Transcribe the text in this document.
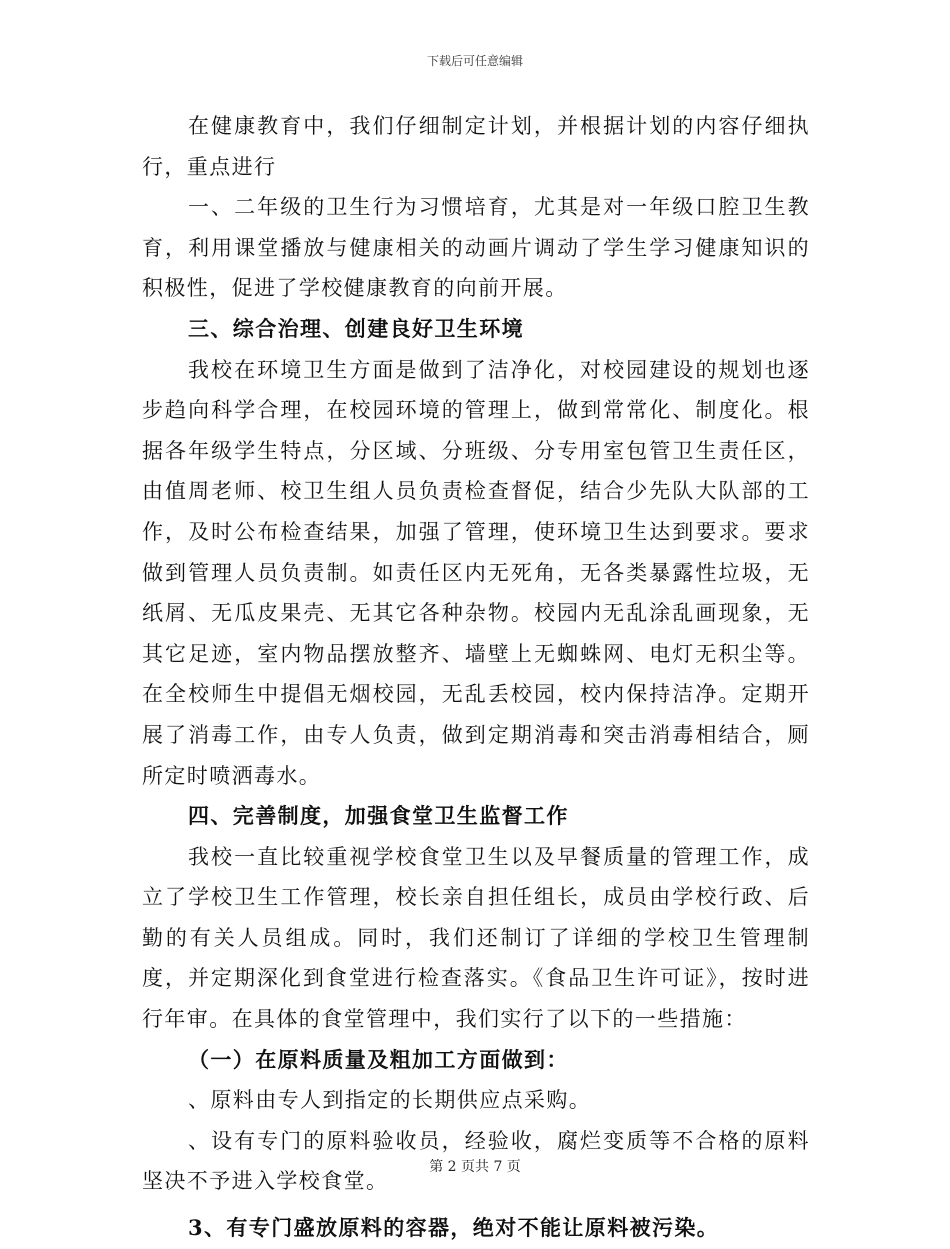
下载后可任意编辑

在健康教育中，我们仔细制定计划，并根据计划的内容仔细执行，重点进行

一、二年级的卫生行为习惯培育，尤其是对一年级口腔卫生教育，利用课堂播放与健康相关的动画片调动了学生学习健康知识的积极性，促进了学校健康教育的向前开展。

三、综合治理、创建良好卫生环境

我校在环境卫生方面是做到了洁净化，对校园建设的规划也逐步趋向科学合理，在校园环境的管理上，做到常常化、制度化。根据各年级学生特点，分区域、分班级、分专用室包管卫生责任区，由值周老师、校卫生组人员负责检查督促，结合少先队大队部的工作，及时公布检查结果，加强了管理，使环境卫生达到要求。要求做到管理人员负责制。如责任区内无死角，无各类暴露性垃圾，无纸屑、无瓜皮果壳、无其它各种杂物。校园内无乱涂乱画现象，无其它足迹，室内物品摆放整齐、墙壁上无蜘蛛网、电灯无积尘等。在全校师生中提倡无烟校园，无乱丢校园，校内保持洁净。定期开展了消毒工作，由专人负责，做到定期消毒和突击消毒相结合，厕所定时喷洒毒水。

四、完善制度，加强食堂卫生监督工作

我校一直比较重视学校食堂卫生以及早餐质量的管理工作，成立了学校卫生工作管理，校长亲自担任组长，成员由学校行政、后勤的有关人员组成。同时，我们还制订了详细的学校卫生管理制度，并定期深化到食堂进行检查落实。《食品卫生许可证》，按时进行年审。在具体的食堂管理中，我们实行了以下的一些措施：

（一）在原料质量及粗加工方面做到：

、原料由专人到指定的长期供应点采购。

、设有专门的原料验收员，经验收，腐烂变质等不合格的原料坚决不予进入学校食堂。

3、有专门盛放原料的容器，绝对不能让原料被污染。

第 2 页共 7 页
